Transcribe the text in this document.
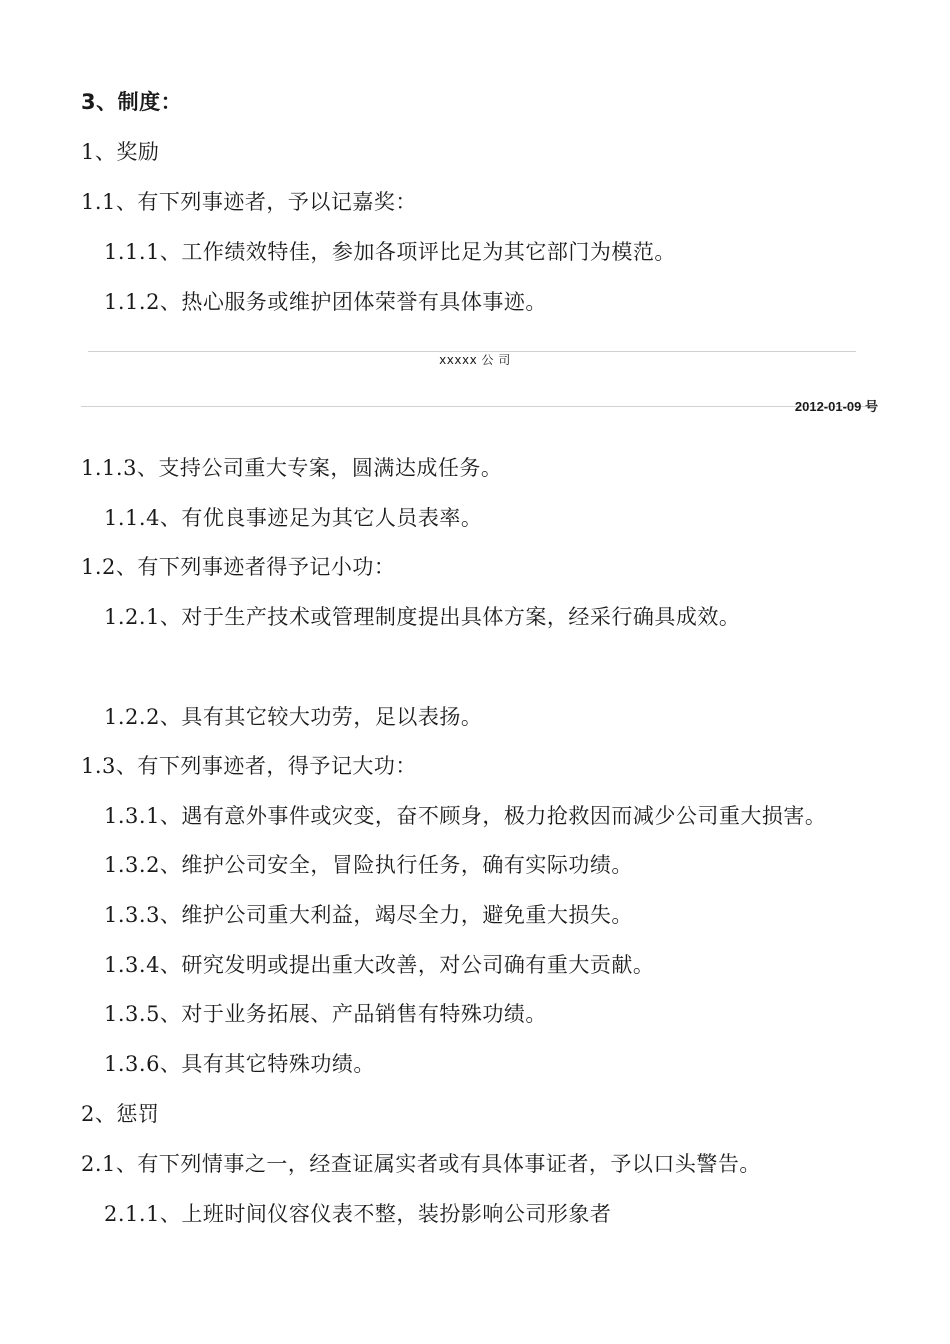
3、制度：
1、奖励
1.1、有下列事迹者，予以记嘉奖：
1.1.1、工作绩效特佳，参加各项评比足为其它部门为模范。
1.1.2、热心服务或维护团体荣誉有具体事迹。
xxxxx 公 司
2012-01-09 号
1.1.3、支持公司重大专案，圆满达成任务。
1.1.4、有优良事迹足为其它人员表率。
1.2、有下列事迹者得予记小功：
1.2.1、对于生产技术或管理制度提出具体方案，经采行确具成效。
1.2.2、具有其它较大功劳，足以表扬。
1.3、有下列事迹者，得予记大功：
1.3.1、遇有意外事件或灾变，奋不顾身，极力抢救因而减少公司重大损害。
1.3.2、维护公司安全，冒险执行任务，确有实际功绩。
1.3.3、维护公司重大利益，竭尽全力，避免重大损失。
1.3.4、研究发明或提出重大改善，对公司确有重大贡献。
1.3.5、对于业务拓展、产品销售有特殊功绩。
1.3.6、具有其它特殊功绩。
2、惩罚
2.1、有下列情事之一，经查证属实者或有具体事证者，予以口头警告。
2.1.1、上班时间仪容仪表不整，装扮影响公司形象者
